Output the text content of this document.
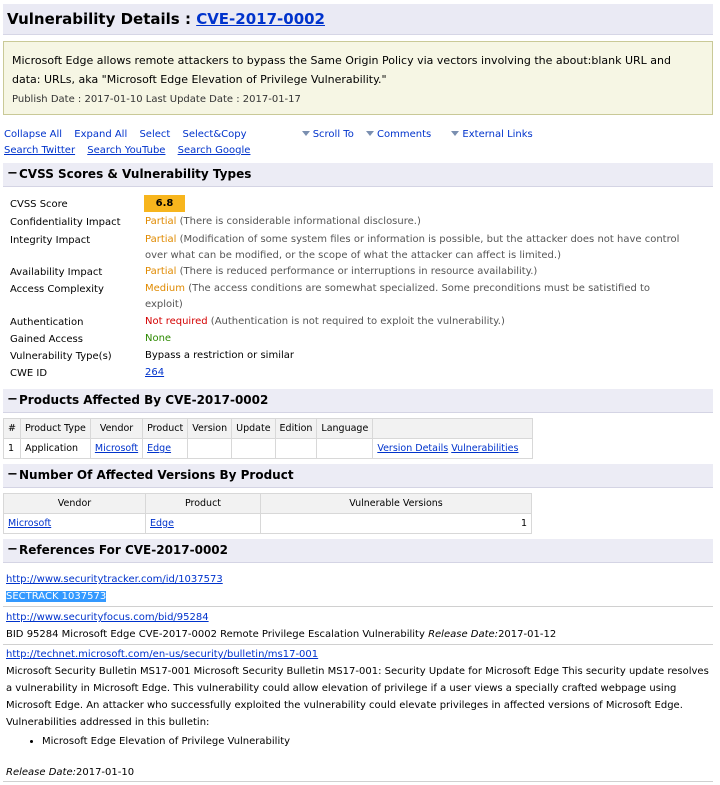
Vulnerability Details : CVE-2017-0002
Microsoft Edge allows remote attackers to bypass the Same Origin Policy via vectors involving the about:blank URL and data: URLs, aka "Microsoft Edge Elevation of Privilege Vulnerability."
Publish Date : 2017-01-10 Last Update Date : 2017-01-17
Collapse All Expand All Select Select&Copy	Scroll To Comments	External Links
Search Twitter Search YouTube Search Google
− CVSS Scores & Vulnerability Types
CVSS Score	6.8
Confidentiality Impact Partial (There is considerable informational disclosure.)
Integrity Impact	Partial (Modification of some system files or information is possible, but the attacker does not have control over what can be modified, or the scope of what the attacker can affect is limited.)
Availability Impact	Partial (There is reduced performance or interruptions in resource availability.)
Access Complexity	Medium (The access conditions are somewhat specialized. Some preconditions must be satistified to exploit)
Authentication	Not required (Authentication is not required to exploit the vulnerability.)
Gained Access	None
Vulnerability Type(s)	Bypass a restriction or similar
CWE ID	264
− Products Affected By CVE-2017-0002
#	Product Type	Vendor	Product	Version	Update	Edition	Language	
1	Application	Microsoft	Edge					Version Details Vulnerabilities
− Number Of Affected Versions By Product
Vendor	Product	Vulnerable Versions
Microsoft	Edge	1
− References For CVE-2017-0002
http://www.securitytracker.com/id/1037573
SECTRACK 1037573
http://www.securityfocus.com/bid/95284
BID 95284 Microsoft Edge CVE-2017-0002 Remote Privilege Escalation Vulnerability Release Date:2017-01-12
http://technet.microsoft.com/en-us/security/bulletin/ms17-001
Microsoft Security Bulletin MS17-001 Microsoft Security Bulletin MS17-001: Security Update for Microsoft Edge This security update resolves a vulnerability in Microsoft Edge. This vulnerability could allow elevation of privilege if a user views a specially crafted webpage using Microsoft Edge. An attacker who successfully exploited the vulnerability could elevate privileges in affected versions of Microsoft Edge.
Vulnerabilities addressed in this bulletin:
• Microsoft Edge Elevation of Privilege Vulnerability
Release Date:2017-01-10
